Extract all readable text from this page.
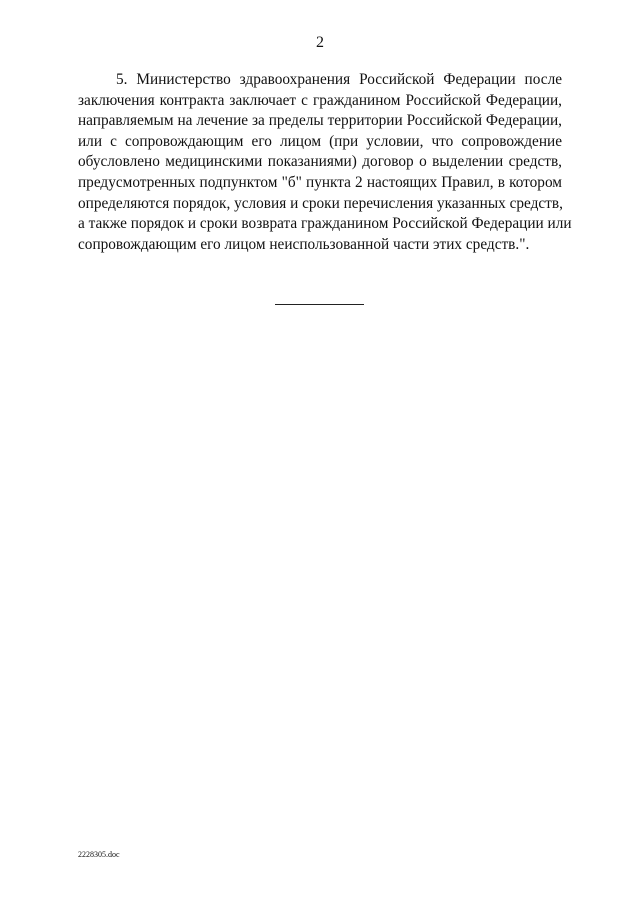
2
5. Министерство здравоохранения Российской Федерации после
заключения контракта заключает с гражданином Российской Федерации,
направляемым на лечение за пределы территории Российской Федерации,
или с сопровождающим его лицом (при условии, что сопровождение
обусловлено медицинскими показаниями) договор о выделении средств,
предусмотренных подпунктом "б" пункта 2 настоящих Правил, в котором
определяются порядок, условия и сроки перечисления указанных средств,
а также порядок и сроки возврата гражданином Российской Федерации или
сопровождающим его лицом неиспользованной части этих средств.".
2228305.doc
